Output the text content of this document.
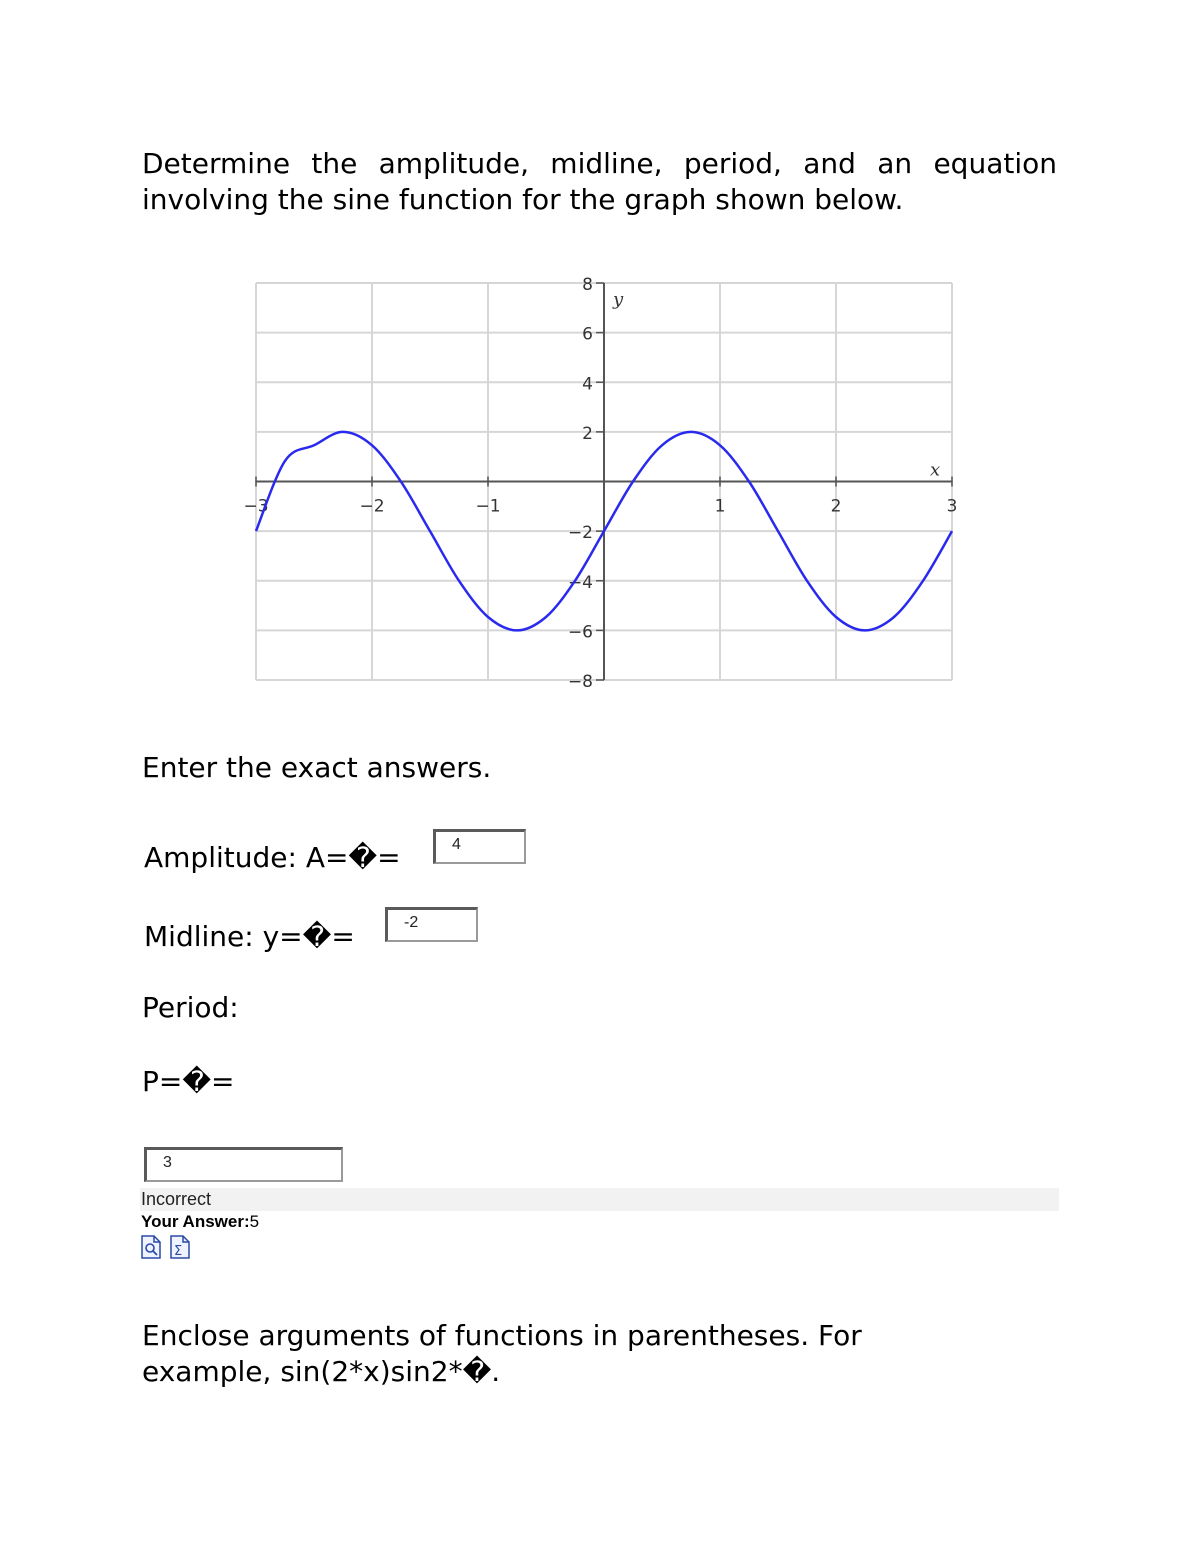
Determine the amplitude, midline, period, and an equation involving the sine function for the graph shown below.
−3	−2	−1	1	2	3
8
6
4
2
−2
−4
−6
−8
y
x
Enter the exact answers.
Amplitude: A=�=	4
Midline: y=�=	-2
Period:
P=�=
3
Incorrect
Your Answer:5
Σ
Enclose arguments of functions in parentheses. For example, sin(2*x)sin2*�.
